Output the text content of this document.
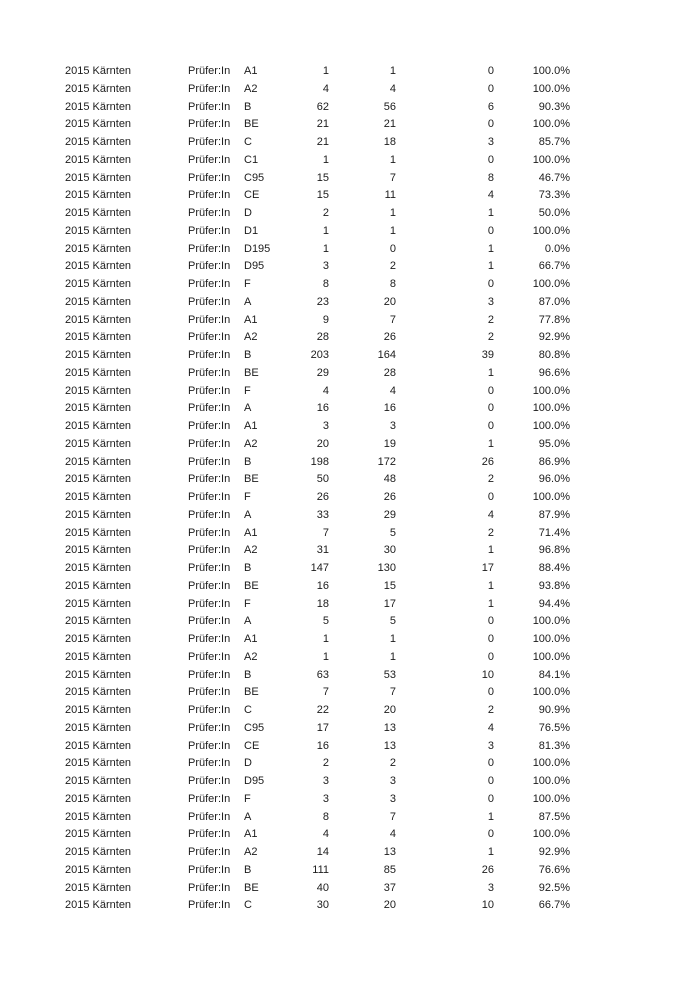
2015 Kärnten	Prüfer:In A1	1	1	0	100.0%
2015 Kärnten	Prüfer:In A2	4	4	0	100.0%
2015 Kärnten	Prüfer:In B	62	56	6	90.3%
2015 Kärnten	Prüfer:In BE	21	21	0	100.0%
2015 Kärnten	Prüfer:In C	21	18	3	85.7%
2015 Kärnten	Prüfer:In C1	1	1	0	100.0%
2015 Kärnten	Prüfer:In C95	15	7	8	46.7%
2015 Kärnten	Prüfer:In CE	15	11	4	73.3%
2015 Kärnten	Prüfer:In D	2	1	1	50.0%
2015 Kärnten	Prüfer:In D1	1	1	0	100.0%
2015 Kärnten	Prüfer:In D195	1	0	1	0.0%
2015 Kärnten	Prüfer:In D95	3	2	1	66.7%
2015 Kärnten	Prüfer:In F	8	8	0	100.0%
2015 Kärnten	Prüfer:In A	23	20	3	87.0%
2015 Kärnten	Prüfer:In A1	9	7	2	77.8%
2015 Kärnten	Prüfer:In A2	28	26	2	92.9%
2015 Kärnten	Prüfer:In B	203	164	39	80.8%
2015 Kärnten	Prüfer:In BE	29	28	1	96.6%
2015 Kärnten	Prüfer:In F	4	4	0	100.0%
2015 Kärnten	Prüfer:In A	16	16	0	100.0%
2015 Kärnten	Prüfer:In A1	3	3	0	100.0%
2015 Kärnten	Prüfer:In A2	20	19	1	95.0%
2015 Kärnten	Prüfer:In B	198	172	26	86.9%
2015 Kärnten	Prüfer:In BE	50	48	2	96.0%
2015 Kärnten	Prüfer:In F	26	26	0	100.0%
2015 Kärnten	Prüfer:In A	33	29	4	87.9%
2015 Kärnten	Prüfer:In A1	7	5	2	71.4%
2015 Kärnten	Prüfer:In A2	31	30	1	96.8%
2015 Kärnten	Prüfer:In B	147	130	17	88.4%
2015 Kärnten	Prüfer:In BE	16	15	1	93.8%
2015 Kärnten	Prüfer:In F	18	17	1	94.4%
2015 Kärnten	Prüfer:In A	5	5	0	100.0%
2015 Kärnten	Prüfer:In A1	1	1	0	100.0%
2015 Kärnten	Prüfer:In A2	1	1	0	100.0%
2015 Kärnten	Prüfer:In B	63	53	10	84.1%
2015 Kärnten	Prüfer:In BE	7	7	0	100.0%
2015 Kärnten	Prüfer:In C	22	20	2	90.9%
2015 Kärnten	Prüfer:In C95	17	13	4	76.5%
2015 Kärnten	Prüfer:In CE	16	13	3	81.3%
2015 Kärnten	Prüfer:In D	2	2	0	100.0%
2015 Kärnten	Prüfer:In D95	3	3	0	100.0%
2015 Kärnten	Prüfer:In F	3	3	0	100.0%
2015 Kärnten	Prüfer:In A	8	7	1	87.5%
2015 Kärnten	Prüfer:In A1	4	4	0	100.0%
2015 Kärnten	Prüfer:In A2	14	13	1	92.9%
2015 Kärnten	Prüfer:In B	111	85	26	76.6%
2015 Kärnten	Prüfer:In BE	40	37	3	92.5%
2015 Kärnten	Prüfer:In C	30	20	10	66.7%
